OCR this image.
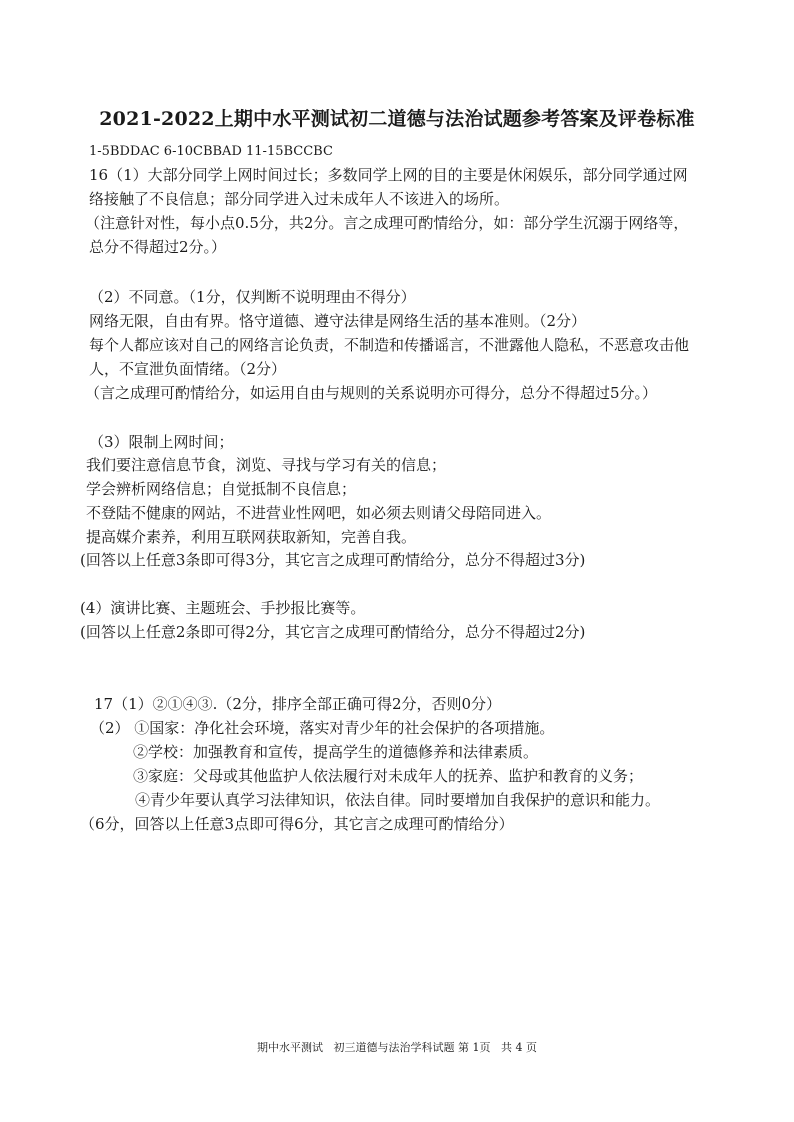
2021-2022上期中水平测试初二道德与法治试题参考答案及评卷标准
1-5BDDAC 6-10CBBAD 11-15BCCBC
16（1）大部分同学上网时间过长；多数同学上网的目的主要是休闲娱乐，部分同学通过网
络接触了不良信息；部分同学进入过未成年人不该进入的场所。
（注意针对性，每小点0.5分，共2分。言之成理可酌情给分，如：部分学生沉溺于网络等，
总分不得超过2分。）
（2）不同意。（1分，仅判断不说明理由不得分）
网络无限，自由有界。恪守道德、遵守法律是网络生活的基本准则。（2分）
每个人都应该对自己的网络言论负责，不制造和传播谣言，不泄露他人隐私，不恶意攻击他
人，不宣泄负面情绪。（2分）
（言之成理可酌情给分，如运用自由与规则的关系说明亦可得分，总分不得超过5分。）
（3）限制上网时间；
我们要注意信息节食，浏览、寻找与学习有关的信息；
学会辨析网络信息；自觉抵制不良信息；
不登陆不健康的网站，不进营业性网吧，如必须去则请父母陪同进入。
提高媒介素养，利用互联网获取新知，完善自我。
(回答以上任意3条即可得3分，其它言之成理可酌情给分，总分不得超过3分)
(4）演讲比赛、主题班会、手抄报比赛等。
(回答以上任意2条即可得2分，其它言之成理可酌情给分，总分不得超过2分)
17（1）②①④③.（2分，排序全部正确可得2分，否则0分）
（2） ①国家：净化社会环境，落实对青少年的社会保护的各项措施。
②学校：加强教育和宣传，提高学生的道德修养和法律素质。
③家庭：父母或其他监护人依法履行对未成年人的抚养、监护和教育的义务；
④青少年要认真学习法律知识，依法自律。同时要增加自我保护的意识和能力。
（6分，回答以上任意3点即可得6分，其它言之成理可酌情给分）
期中水平测试   初三道德与法治学科试题 第 1页   共 4 页
